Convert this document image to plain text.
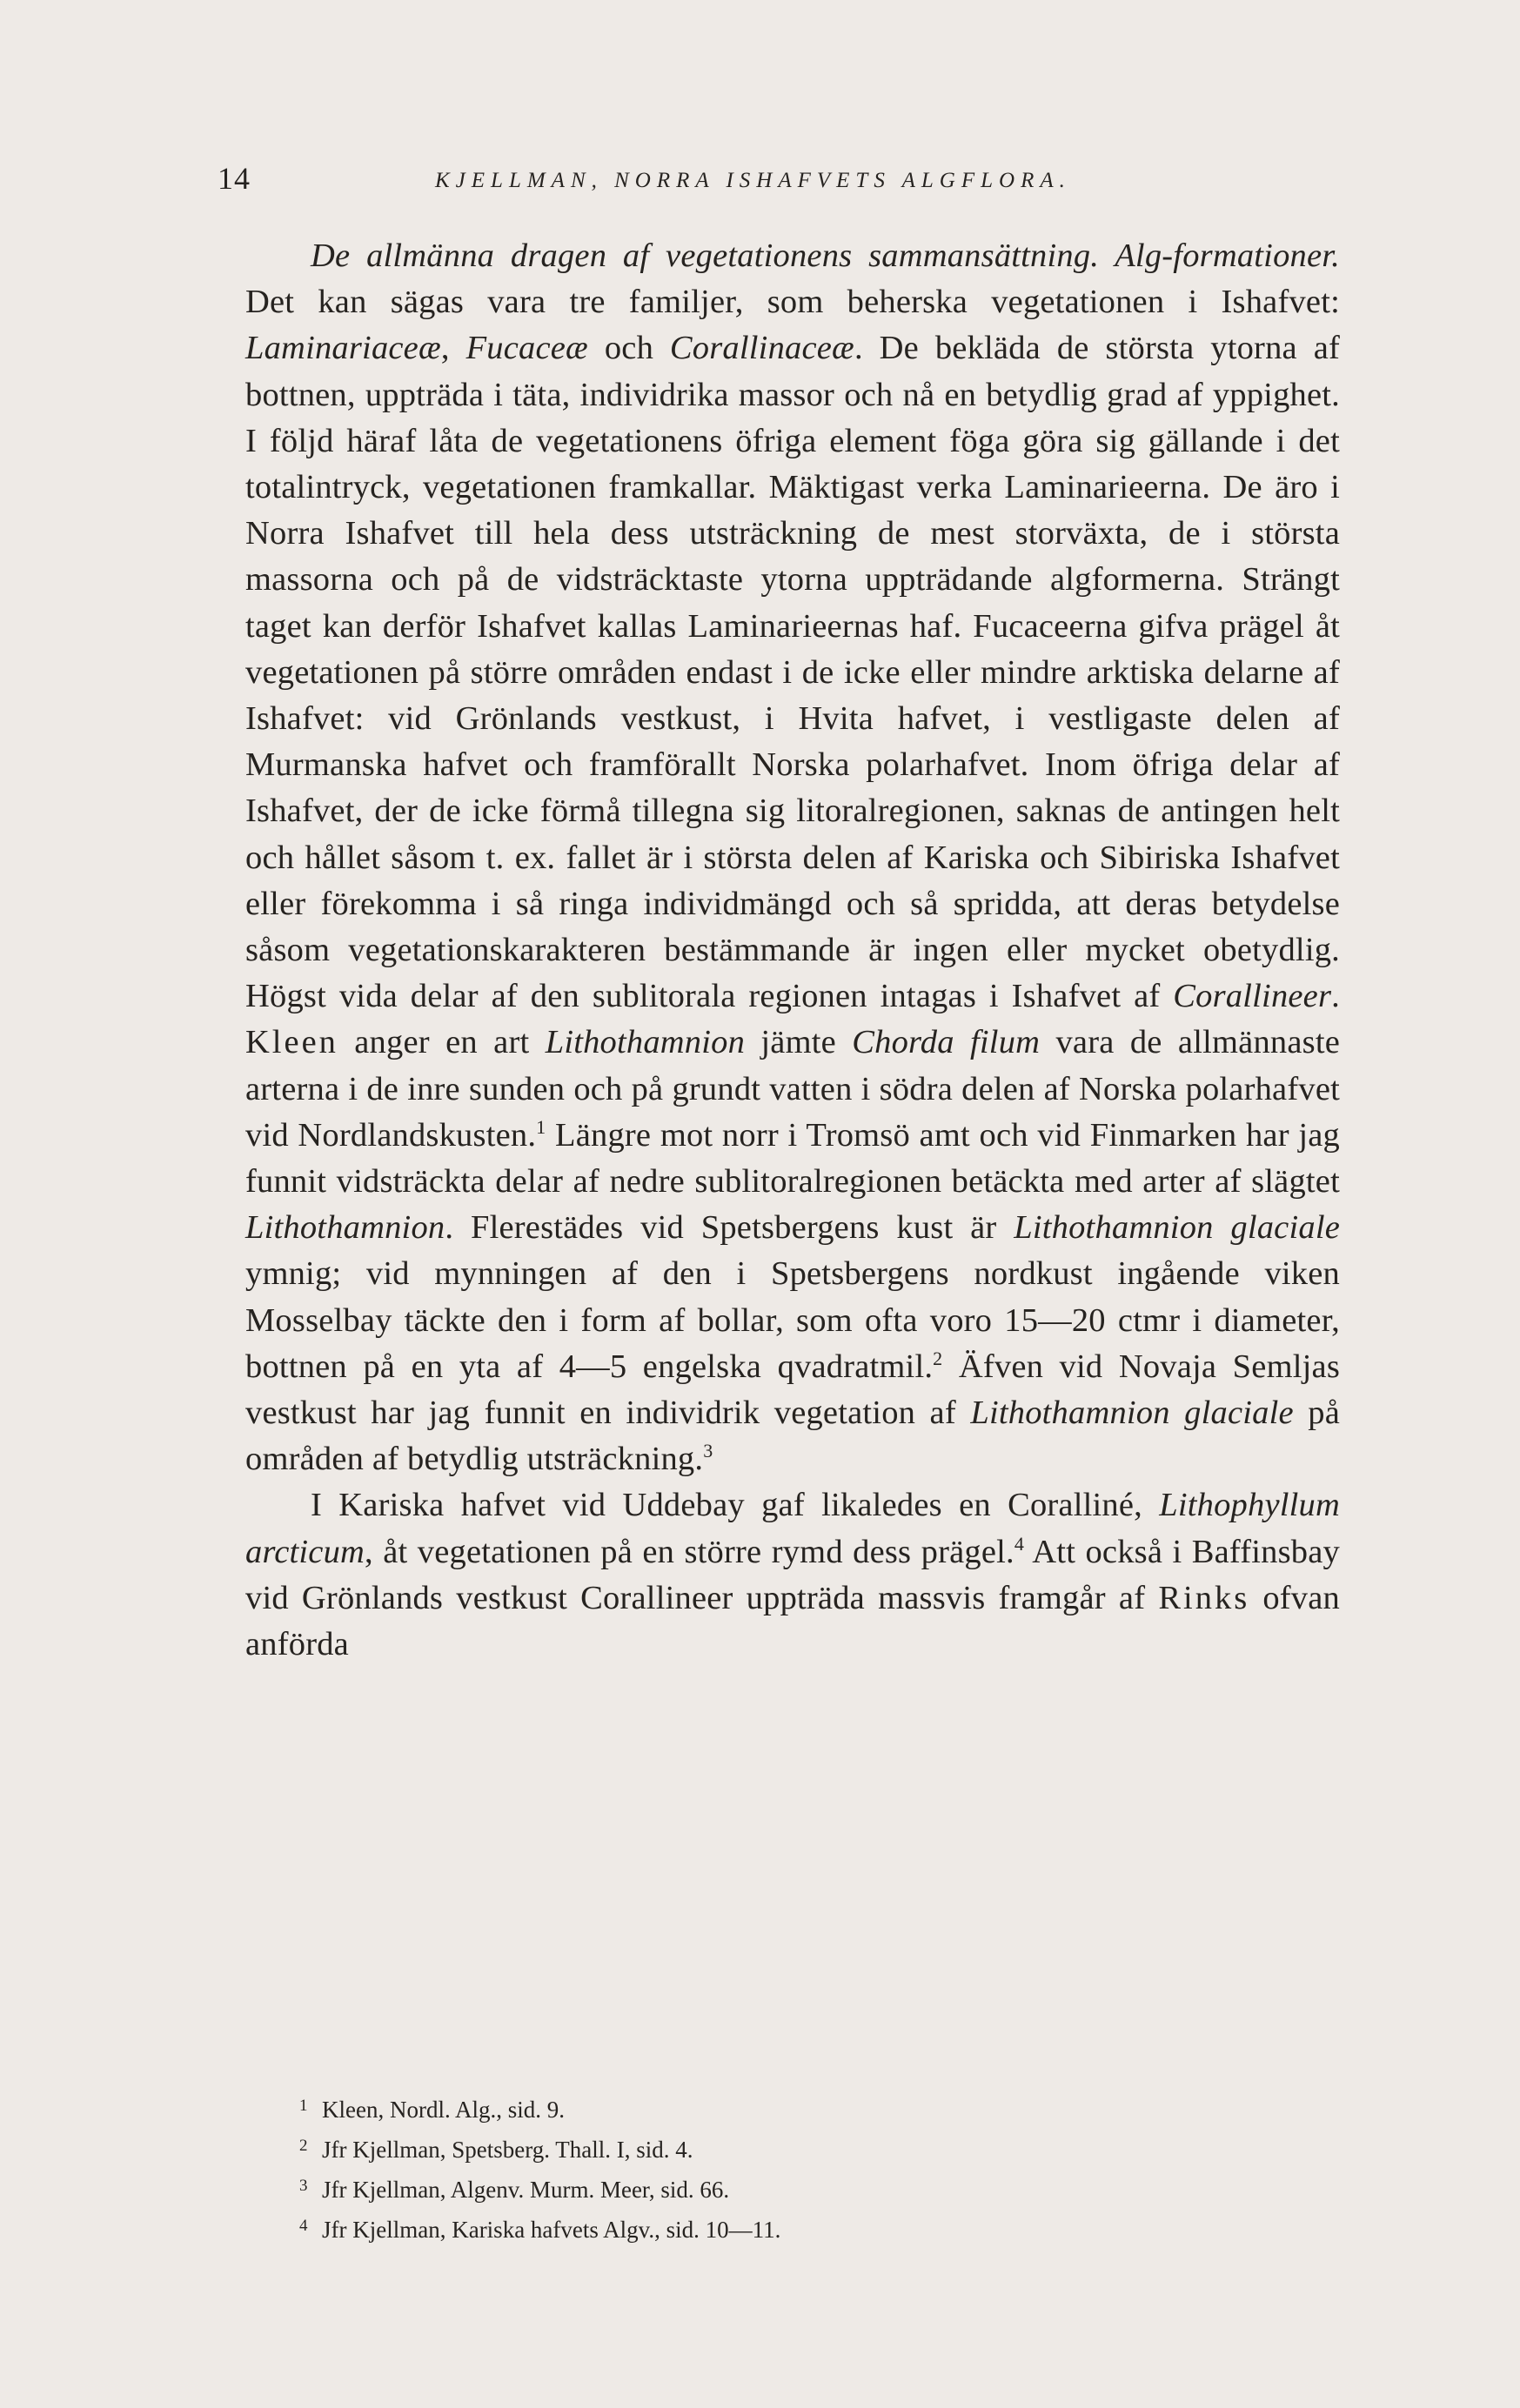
14	KJELLMAN, NORRA ISHAFVETS ALGFLORA.

De allmänna dragen af vegetationens sammansättning. Alg-formationer. Det kan sägas vara tre familjer, som beherska vegetationen i Ishafvet: Laminariaceæ, Fucaceæ och Corallinaceæ. De bekläda de största ytorna af bottnen, uppträda i täta, individrika massor och nå en betydlig grad af yppighet. I följd häraf låta de vegetationens öfriga element föga göra sig gällande i det totalintryck, vegetationen framkallar. Mäktigast verka Laminarieerna. De äro i Norra Ishafvet till hela dess utsträckning de mest storväxta, de i största massorna och på de vidsträcktaste ytorna uppträdande algformerna. Strängt taget kan derför Ishafvet kallas Laminarieernas haf. Fucaceerna gifva prägel åt vegetationen på större områden endast i de icke eller mindre arktiska delarne af Ishafvet: vid Grönlands vestkust, i Hvita hafvet, i vestligaste delen af Murmanska hafvet och framförallt Norska polarhafvet. Inom öfriga delar af Ishafvet, der de icke förmå tillegna sig litoralregionen, saknas de antingen helt och hållet såsom t. ex. fallet är i största delen af Kariska och Sibiriska Ishafvet eller förekomma i så ringa individmängd och så spridda, att deras betydelse såsom vegetationskarakteren bestämmande är ingen eller mycket obetydlig. Högst vida delar af den sublitorala regionen intagas i Ishafvet af Corallineer. Kleen anger en art Lithothamnion jämte Chorda filum vara de allmännaste arterna i de inre sunden och på grundt vatten i södra delen af Norska polarhafvet vid Nordlandskusten.$^1$ Längre mot norr i Tromsö amt och vid Finmarken har jag funnit vidsträckta delar af nedre sublitoralregionen betäckta med arter af slägtet Lithothamnion. Flerestädes vid Spetsbergens kust är Lithothamnion glaciale ymnig; vid mynningen af den i Spetsbergens nordkust ingående viken Mosselbay täckte den i form af bollar, som ofta voro 15—20 ctmr i diameter, bottnen på en yta af 4—5 engelska qvadratmil.$^2$ Äfven vid Novaja Semljas vestkust har jag funnit en individrik vegetation af Lithothamnion glaciale på områden af betydlig utsträckning.$^3$

I Kariska hafvet vid Uddebay gaf likaledes en Coralliné, Lithophyllum arcticum, åt vegetationen på en större rymd dess prägel.$^4$ Att också i Baffinsbay vid Grönlands vestkust Corallineer uppträda massvis framgår af Rinks ofvan anförda

1 Kleen, Nordl. Alg., sid. 9.
2 Jfr Kjellman, Spetsberg. Thall. I, sid. 4.
3 Jfr Kjellman, Algenv. Murm. Meer, sid. 66.
4 Jfr Kjellman, Kariska hafvets Algv., sid. 10—11.
